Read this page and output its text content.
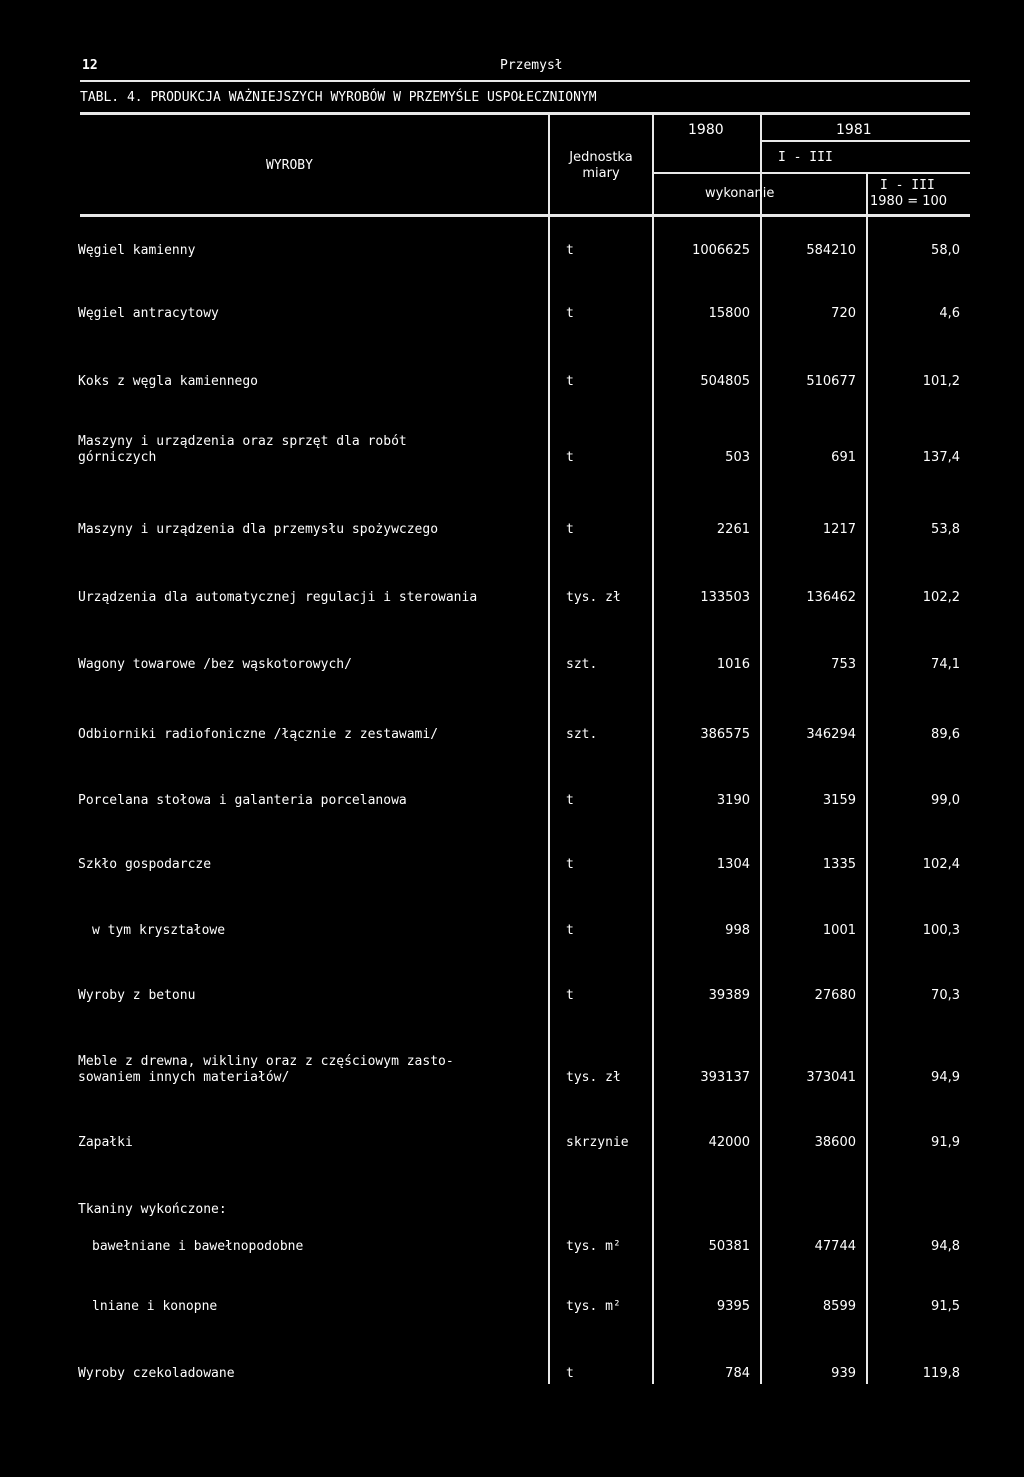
12	Przemysł
TABL. 4. PRODUKCJA WAŻNIEJSZYCH WYROBÓW W PRZEMYŚLE USPOŁECZNIONYM
WYROBY
Jednostka miary
1980	1981
I - III
wykonanie
I - III
1980 = 100
Węgiel kamienny	t	1006625	584210	58,0
Węgiel antracytowy	t	15800	720	4,6
Koks z węgla kamiennego	t	504805	510677	101,2
Maszyny i urządzenia oraz sprzęt dla robót
górniczych	t	503	691	137,4
Maszyny i urządzenia dla przemysłu spożywczego	t	2261	1217	53,8
Urządzenia dla automatycznej regulacji i sterowania	tys. zł	133503	136462	102,2
Wagony towarowe /bez wąskotorowych/	szt.	1016	753	74,1
Odbiorniki radiofoniczne /łącznie z zestawami/	szt.	386575	346294	89,6
Porcelana stołowa i galanteria porcelanowa	t	3190	3159	99,0
Szkło gospodarcze	t	1304	1335	102,4
w tym kryształowe	t	998	1001	100,3
Wyroby z betonu	t	39389	27680	70,3
Meble z drewna, wikliny oraz z częściowym zasto-
sowaniem innych materiałów/	tys. zł	393137	373041	94,9
Zapałki	skrzynie	42000	38600	91,9
Tkaniny wykończone:
bawełniane i bawełnopodobne	tys. m²	50381	47744	94,8
lniane i konopne	tys. m²	9395	8599	91,5
Wyroby czekoladowane	t	784	939	119,8
